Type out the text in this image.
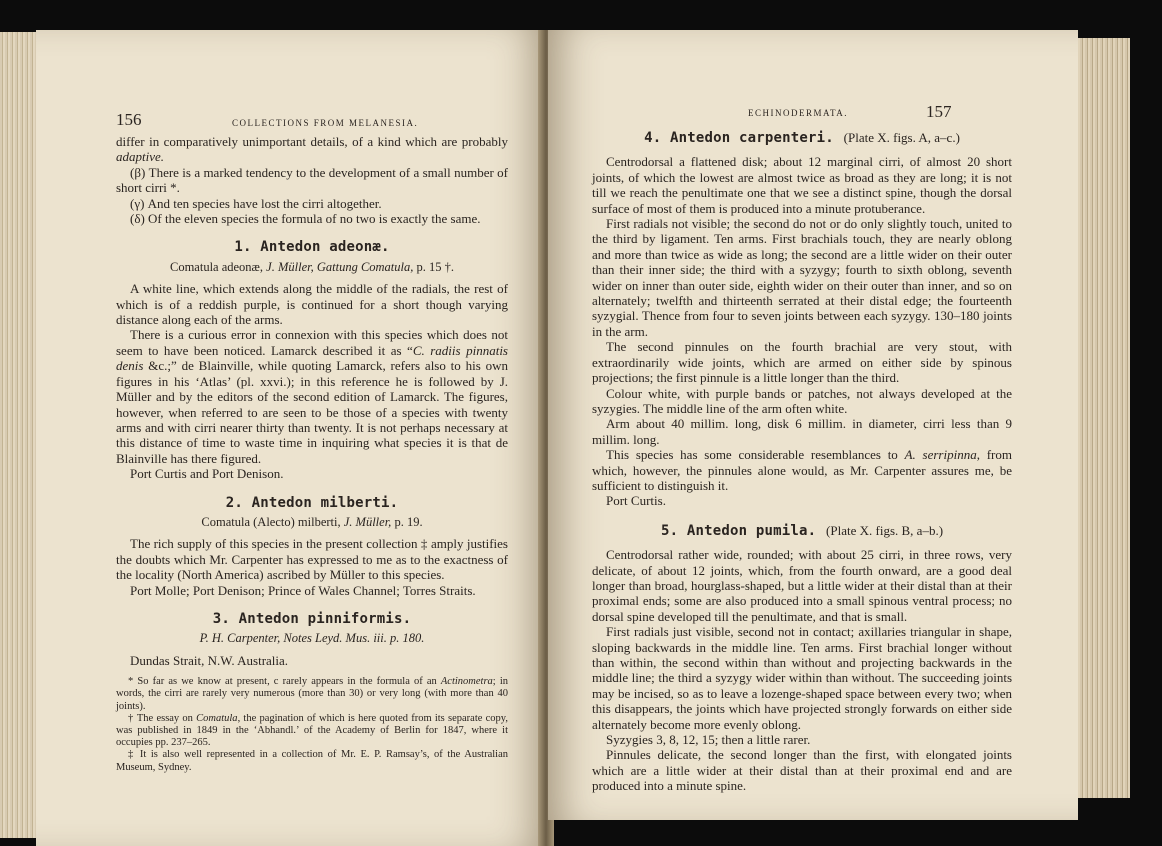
156	COLLECTIONS FROM MELANESIA.

differ in comparatively unimportant details, of a kind which are probably adaptive.

(β) There is a marked tendency to the development of a small number of short cirri *.

(γ) And ten species have lost the cirri altogether.

(δ) Of the eleven species the formula of no two is exactly the same.

1. Antedon adeonæ.
Comatula adeonæ, J. Müller, Gattung Comatula, p. 15 †.

A white line, which extends along the middle of the radials, the rest of which is of a reddish purple, is continued for a short though varying distance along each of the arms.

There is a curious error in connexion with this species which does not seem to have been noticed. Lamarck described it as “C. radiis pinnatis denis &c.;” de Blainville, while quoting Lamarck, refers also to his own figures in his ‘Atlas’ (pl. xxvi.); in this reference he is followed by J. Müller and by the editors of the second edition of Lamarck. The figures, however, when referred to are seen to be those of a species with twenty arms and with cirri nearer thirty than twenty. It is not perhaps necessary at this distance of time to waste time in inquiring what species it is that de Blainville has there figured.

Port Curtis and Port Denison.

2. Antedon milberti.
Comatula (Alecto) milberti, J. Müller, p. 19.

The rich supply of this species in the present collection ‡ amply justifies the doubts which Mr. Carpenter has expressed to me as to the exactness of the locality (North America) ascribed by Müller to this species.

Port Molle; Port Denison; Prince of Wales Channel; Torres Straits.

3. Antedon pinniformis.
P. H. Carpenter, Notes Leyd. Mus. iii. p. 180.

Dundas Strait, N.W. Australia.

* So far as we know at present, c rarely appears in the formula of an Actinometra; in words, the cirri are rarely very numerous (more than 30) or very long (with more than 40 joints).

† The essay on Comatula, the pagination of which is here quoted from its separate copy, was published in 1849 in the ‘Abhandl.’ of the Academy of Berlin for 1847, where it occupies pp. 237–265.

‡ It is also well represented in a collection of Mr. E. P. Ramsay’s, of the Australian Museum, Sydney.

ECHINODERMATA.	157
4. Antedon carpenteri. (Plate X. figs. A, a–c.)

Centrodorsal a flattened disk; about 12 marginal cirri, of almost 20 short joints, of which the lowest are almost twice as broad as they are long; it is not till we reach the penultimate one that we see a distinct spine, though the dorsal surface of most of them is produced into a minute protuberance.

First radials not visible; the second do not or do only slightly touch, united to the third by ligament. Ten arms. First brachials touch, they are nearly oblong and more than twice as wide as long; the second are a little wider on their outer than their inner side; the third with a syzygy; fourth to sixth oblong, seventh wider on inner than outer side, eighth wider on their outer than inner, and so on alternately; twelfth and thirteenth serrated at their distal edge; the fourteenth syzygial. Thence from four to seven joints between each syzygy. 130–180 joints in the arm.

The second pinnules on the fourth brachial are very stout, with extraordinarily wide joints, which are armed on either side by spinous projections; the first pinnule is a little longer than the third.

Colour white, with purple bands or patches, not always developed at the syzygies. The middle line of the arm often white.

Arm about 40 millim. long, disk 6 millim. in diameter, cirri less than 9 millim. long.

This species has some considerable resemblances to A. serripinna, from which, however, the pinnules alone would, as Mr. Carpenter assures me, be sufficient to distinguish it.

Port Curtis.

5. Antedon pumila. (Plate X. figs. B, a–b.)

Centrodorsal rather wide, rounded; with about 25 cirri, in three rows, very delicate, of about 12 joints, which, from the fourth onward, are a good deal longer than broad, hourglass-shaped, but a little wider at their distal than at their proximal ends; some are also produced into a small spinous ventral process; no dorsal spine developed till the penultimate, and that is small.

First radials just visible, second not in contact; axillaries triangular in shape, sloping backwards in the middle line. Ten arms. First brachial longer without than within, the second within than without and projecting backwards in the middle line; the third a syzygy wider within than without. The succeeding joints may be incised, so as to leave a lozenge-shaped space between every two; when this disappears, the joints which have projected strongly forwards on either side alternately become more evenly oblong.

Syzygies 3, 8, 12, 15; then a little rarer.

Pinnules delicate, the second longer than the first, with elongated joints which are a little wider at their distal than at their proximal end and are produced into a minute spine.
